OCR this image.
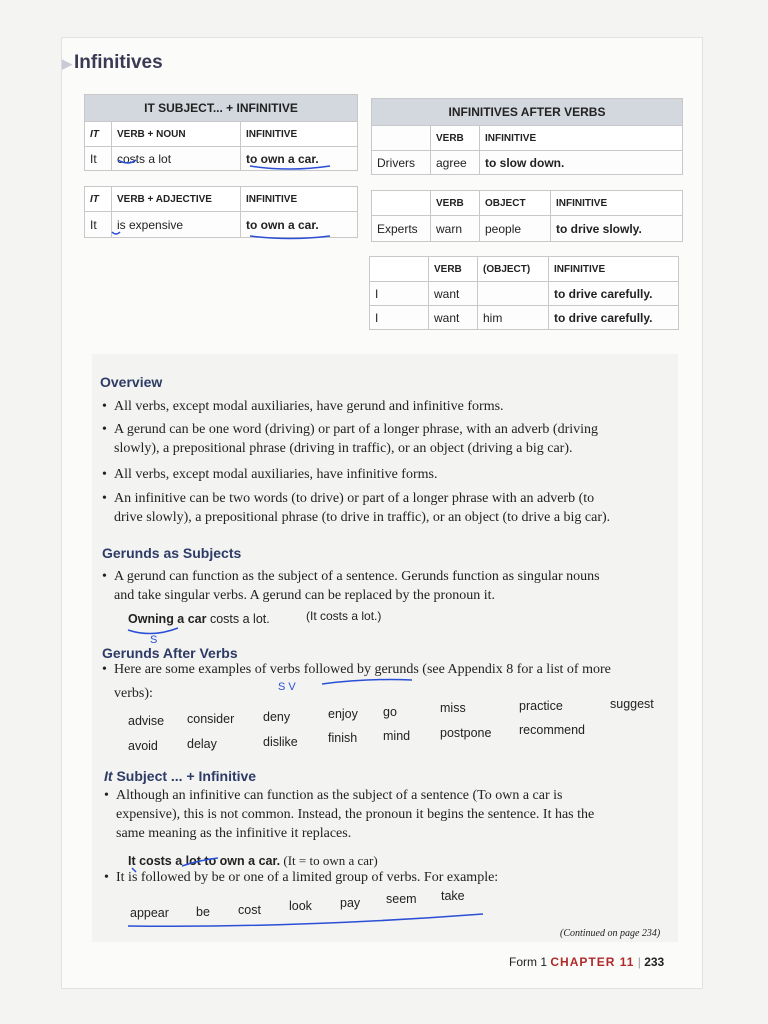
▶ Infinitives
IT SUBJECT... + INFINITIVE		
IT	VERB + NOUN	INFINITIVE
It	costs a lot	to own a car.
IT	VERB + ADJECTIVE	INFINITIVE
It	is expensive	to own a car.
INFINITIVES AFTER VERBS		
	VERB	INFINITIVE
Drivers	agree	to slow down.
	VERB	OBJECT	INFINITIVE
Experts	warn	people	to drive slowly.
	VERB	(OBJECT)	INFINITIVE
I	want		to drive carefully.
I	want	him	to drive carefully.
Overview
• All verbs, except modal auxiliaries, have gerund and infinitive forms.
• A gerund can be one word (driving) or part of a longer phrase, with an adverb (driving
slowly), a prepositional phrase (driving in traffic), or an object (driving a big car).
• All verbs, except modal auxiliaries, have infinitive forms.
• An infinitive can be two words (to drive) or part of a longer phrase with an adverb (to
drive slowly), a prepositional phrase (to drive in traffic), or an object (to drive a big car).
Gerunds as Subjects
• A gerund can function as the subject of a sentence. Gerunds function as singular nouns
and take singular verbs. A gerund can be replaced by the pronoun it.
Owning a car costs a lot.	(It costs a lot.)
Gerunds After Verbs
• Here are some examples of verbs followed by gerunds (see Appendix 8 for a list of more
verbs):
advise consider deny	enjoy go	miss	practice	suggest
avoid delay	dislike finish mind postpone recommend
It Subject ... + Infinitive
• Although an infinitive can function as the subject of a sentence (To own a car is
expensive), this is not common. Instead, the pronoun it begins the sentence. It has the
same meaning as the infinitive it replaces.
It costs a lot to own a car. (It = to own a car)
• It is followed by be or one of a limited group of verbs. For example:
appear be cost look pay seem take
(Continued on page 234)
Form 1 CHAPTER 11 | 233
S V
S
